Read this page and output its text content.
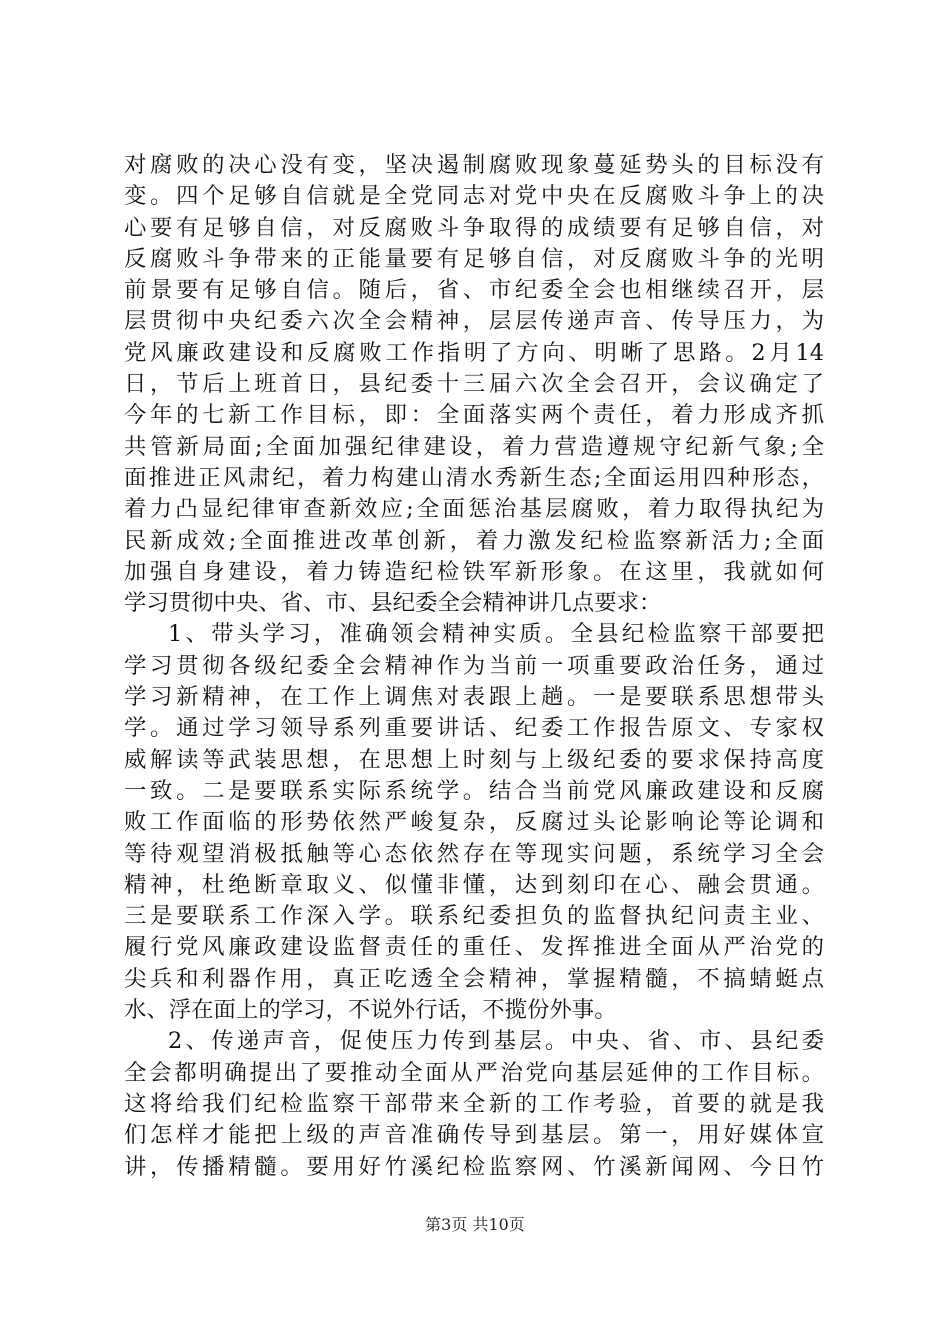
对腐败的决心没有变，坚决遏制腐败现象蔓延势头的目标没有
变。四个足够自信就是全党同志对党中央在反腐败斗争上的决
心要有足够自信，对反腐败斗争取得的成绩要有足够自信，对
反腐败斗争带来的正能量要有足够自信，对反腐败斗争的光明
前景要有足够自信。随后，省、市纪委全会也相继续召开，层
层贯彻中央纪委六次全会精神，层层传递声音、传导压力，为
党风廉政建设和反腐败工作指明了方向、明晰了思路。2月14
日，节后上班首日，县纪委十三届六次全会召开，会议确定了
今年的七新工作目标，即：全面落实两个责任，着力形成齐抓
共管新局面;全面加强纪律建设，着力营造遵规守纪新气象;全
面推进正风肃纪，着力构建山清水秀新生态;全面运用四种形态，
着力凸显纪律审查新效应;全面惩治基层腐败，着力取得执纪为
民新成效;全面推进改革创新，着力激发纪检监察新活力;全面
加强自身建设，着力铸造纪检铁军新形象。在这里，我就如何
学习贯彻中央、省、市、县纪委全会精神讲几点要求：
1、带头学习，准确领会精神实质。全县纪检监察干部要把
学习贯彻各级纪委全会精神作为当前一项重要政治任务，通过
学习新精神，在工作上调焦对表跟上趟。一是要联系思想带头
学。通过学习领导系列重要讲话、纪委工作报告原文、专家权
威解读等武装思想，在思想上时刻与上级纪委的要求保持高度
一致。二是要联系实际系统学。结合当前党风廉政建设和反腐
败工作面临的形势依然严峻复杂，反腐过头论影响论等论调和
等待观望消极抵触等心态依然存在等现实问题，系统学习全会
精神，杜绝断章取义、似懂非懂，达到刻印在心、融会贯通。
三是要联系工作深入学。联系纪委担负的监督执纪问责主业、
履行党风廉政建设监督责任的重任、发挥推进全面从严治党的
尖兵和利器作用，真正吃透全会精神，掌握精髓，不搞蜻蜓点
水、浮在面上的学习，不说外行话，不揽份外事。
2、传递声音，促使压力传到基层。中央、省、市、县纪委
全会都明确提出了要推动全面从严治党向基层延伸的工作目标。
这将给我们纪检监察干部带来全新的工作考验，首要的就是我
们怎样才能把上级的声音准确传导到基层。第一，用好媒体宣
讲，传播精髓。要用好竹溪纪检监察网、竹溪新闻网、今日竹
第3页 共10页
